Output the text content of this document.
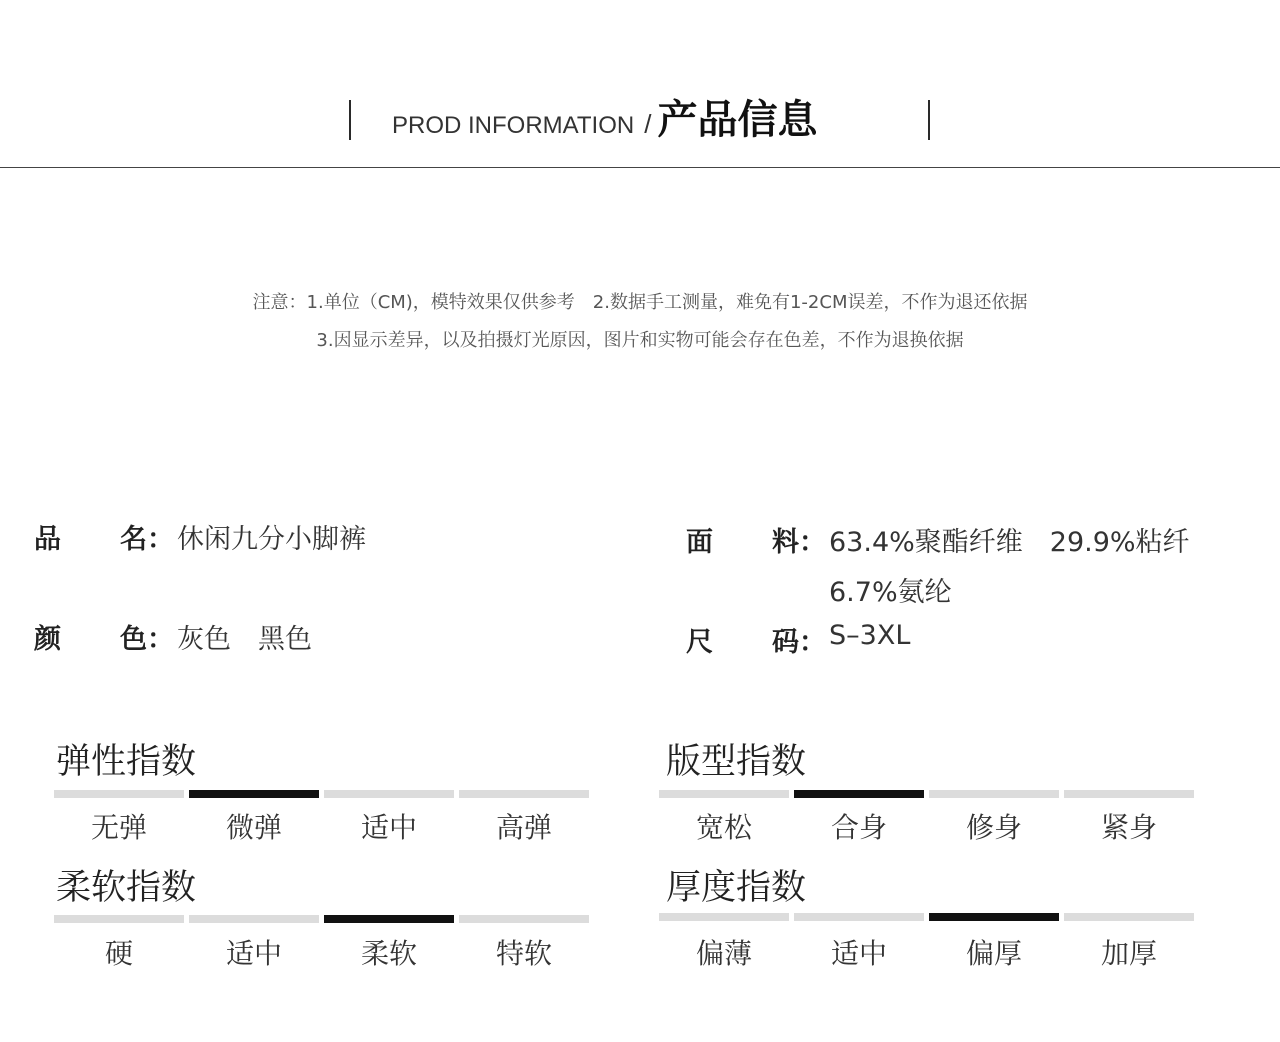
PROD INFORMATION / 产品信息
注意：1.单位（CM)，模特效果仅供参考　2.数据手工测量，难免有1-2CM误差，不作为退还依据
3.因显示差异，以及拍摄灯光原因，图片和实物可能会存在色差，不作为退换依据
品 名： 休闲九分小脚裤
颜 色： 灰色　黑色
面 料： 63.4%聚酯纤维　29.9%粘纤
6.7%氨纶
尺 码： S–3XL
弹性指数	版型指数
柔软指数	厚度指数
无弹	微弹	适中	高弹	宽松	合身	修身	紧身
硬	适中	柔软	特软	偏薄	适中	偏厚	加厚
